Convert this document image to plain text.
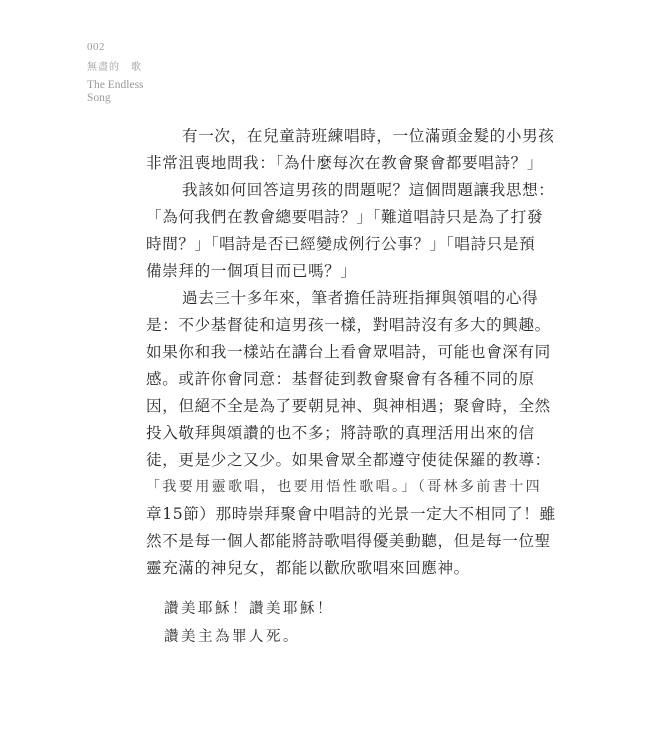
002
無盡的　歌
The Endless Song

有一次，在兒童詩班練唱時，一位滿頭金髮的小男孩
非常沮喪地問我：「為什麼每次在教會聚會都要唱詩？」

我該如何回答這男孩的問題呢？這個問題讓我思想：
「為何我們在教會總要唱詩？」「難道唱詩只是為了打發
時間？」「唱詩是否已經變成例行公事？」「唱詩只是預
備崇拜的一個項目而已嗎？」

過去三十多年來，筆者擔任詩班指揮與領唱的心得
是：不少基督徒和這男孩一樣，對唱詩沒有多大的興趣。
如果你和我一樣站在講台上看會眾唱詩，可能也會深有同
感。或許你會同意：基督徒到教會聚會有各種不同的原
因，但絕不全是為了要朝見神、與神相遇；聚會時，全然
投入敬拜與頌讚的也不多；將詩歌的真理活用出來的信
徒，更是少之又少。如果會眾全都遵守使徒保羅的教導：
「我要用靈歌唱，也要用悟性歌唱。」（哥林多前書十四
章15節）那時崇拜聚會中唱詩的光景一定大不相同了！雖
然不是每一個人都能將詩歌唱得優美動聽，但是每一位聖
靈充滿的神兒女，都能以歡欣歌唱來回應神。

讚美耶穌！讚美耶穌！
讚美主為罪人死。
